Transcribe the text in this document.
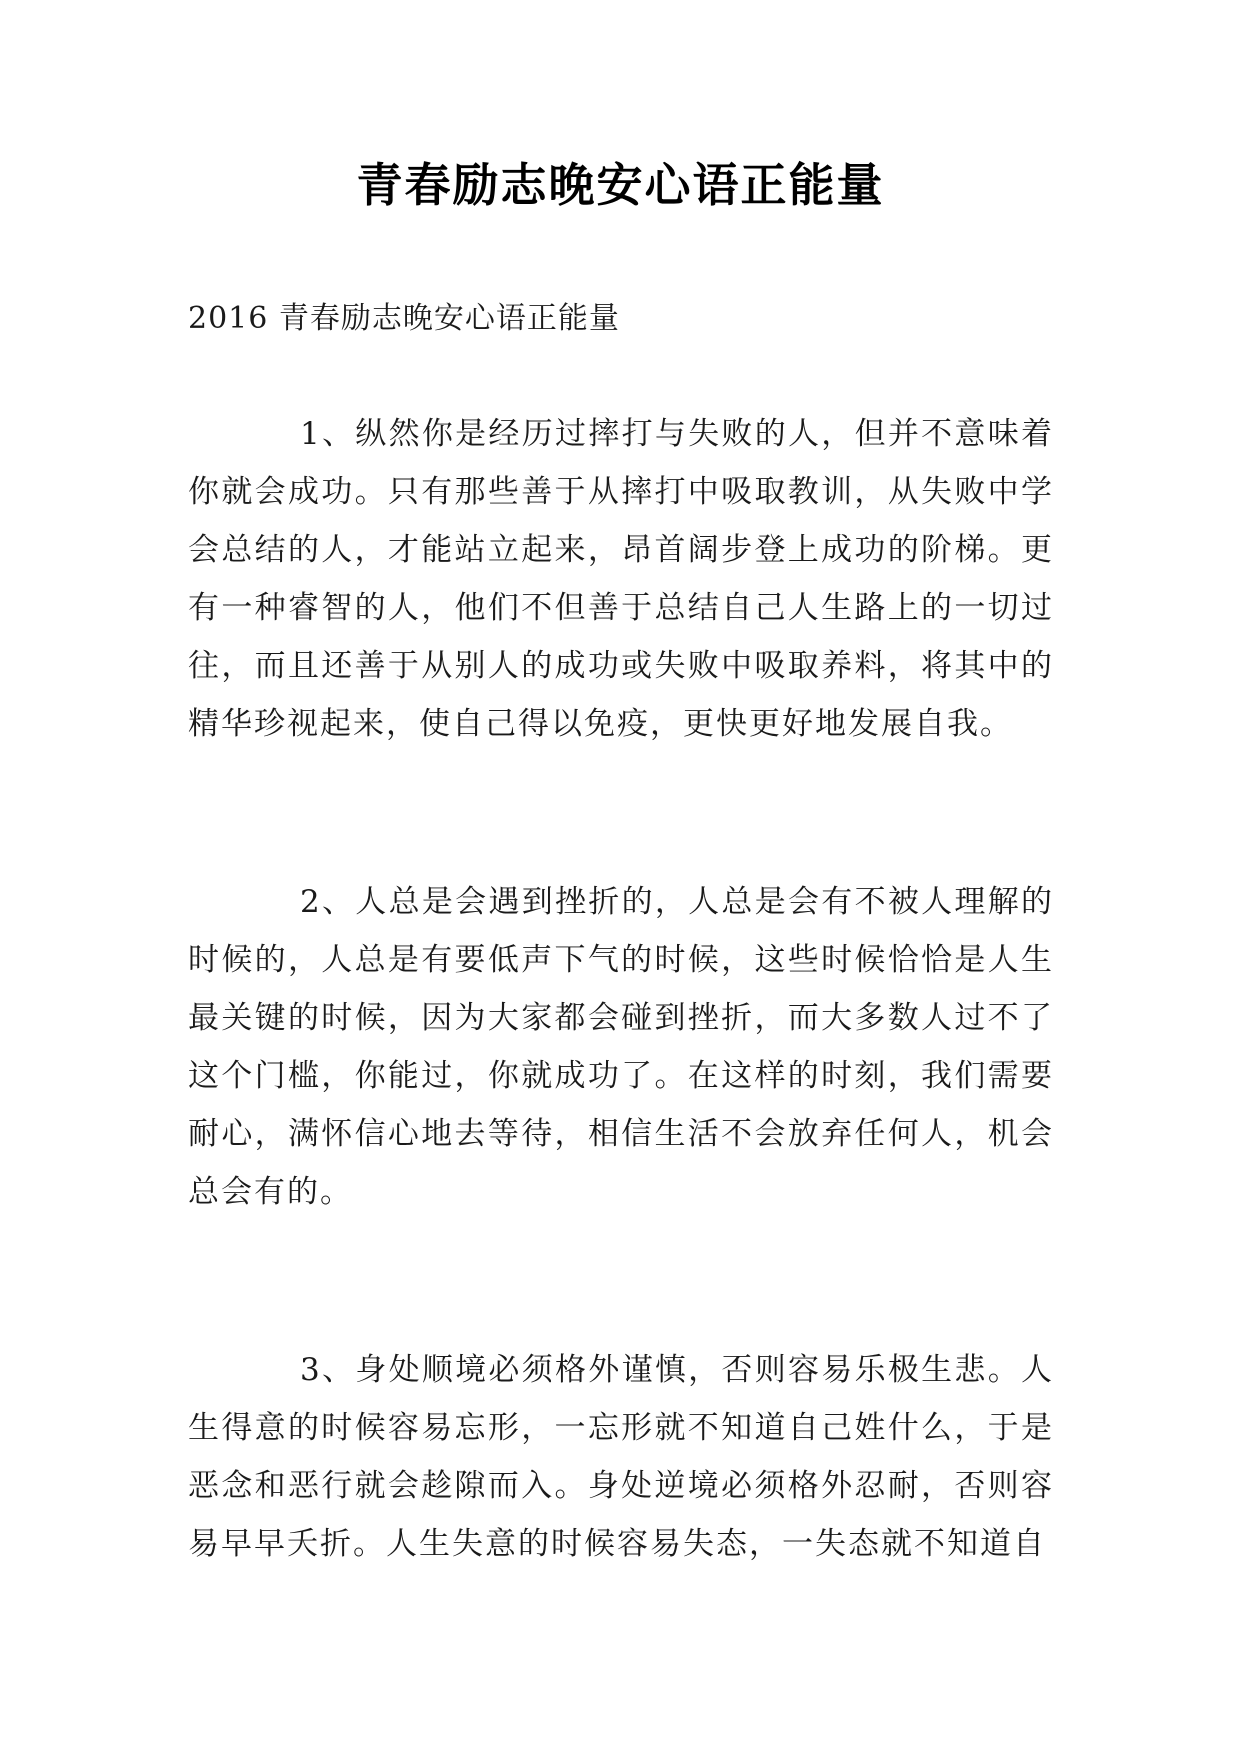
青春励志晚安心语正能量

2016 青春励志晚安心语正能量

1、纵然你是经历过摔打与失败的人，但并不意味着你就会成功。只有那些善于从摔打中吸取教训，从失败中学会总结的人，才能站立起来，昂首阔步登上成功的阶梯。更有一种睿智的人，他们不但善于总结自己人生路上的一切过往，而且还善于从别人的成功或失败中吸取养料，将其中的精华珍视起来，使自己得以免疫，更快更好地发展自我。

2、人总是会遇到挫折的，人总是会有不被人理解的时候的，人总是有要低声下气的时候，这些时候恰恰是人生最关键的时候，因为大家都会碰到挫折，而大多数人过不了这个门槛，你能过，你就成功了。在这样的时刻，我们需要耐心，满怀信心地去等待，相信生活不会放弃任何人，机会总会有的。

3、身处顺境必须格外谨慎，否则容易乐极生悲。人生得意的时候容易忘形，一忘形就不知道自己姓什么，于是恶念和恶行就会趁隙而入。身处逆境必须格外忍耐，否则容易早早夭折。人生失意的时候容易失态，一失态就不知道自
